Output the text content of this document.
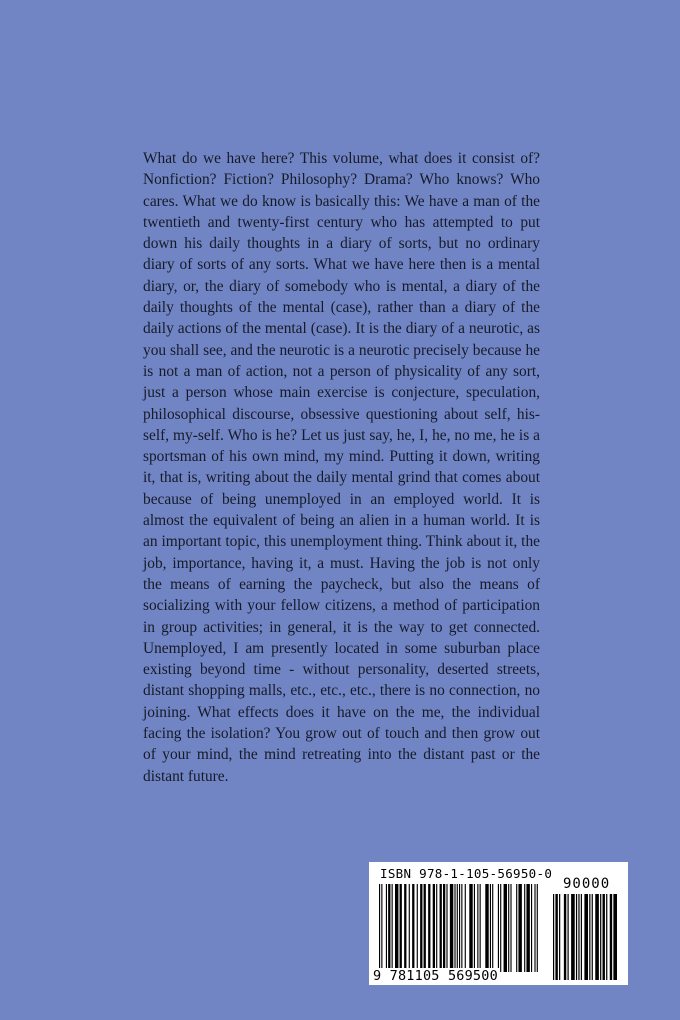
What do we have here? This volume, what does it consist of? Nonfiction? Fiction? Philosophy? Drama? Who knows? Who cares. What we do know is basically this: We have a man of the twentieth and twenty-first century who has attempted to put down his daily thoughts in a diary of sorts, but no ordinary diary of sorts of any sorts. What we have here then is a mental diary, or, the diary of somebody who is mental, a diary of the daily thoughts of the mental (case), rather than a diary of the daily actions of the mental (case). It is the diary of a neurotic, as you shall see, and the neurotic is a neurotic precisely because he is not a man of action, not a person of physicality of any sort, just a person whose main exercise is conjecture, speculation, philosophical discourse, obsessive questioning about self, his-self, my-self. Who is he? Let us just say, he, I, he, no me, he is a sportsman of his own mind, my mind. Putting it down, writing it, that is, writing about the daily mental grind that comes about because of being unemployed in an employed world. It is almost the equivalent of being an alien in a human world. It is an important topic, this unemployment thing. Think about it, the job, importance, having it, a must. Having the job is not only the means of earning the paycheck, but also the means of socializing with your fellow citizens, a method of participation in group activities; in general, it is the way to get connected. Unemployed, I am presently located in some suburban place existing beyond time - without personality, deserted streets, distant shopping malls, etc., etc., etc., there is no connection, no joining. What effects does it have on the me, the individual facing the isolation? You grow out of touch and then grow out of your mind, the mind retreating into the distant past or the distant future.

ISBN 978-1-105-56950-0
90000
9 781105 569500
